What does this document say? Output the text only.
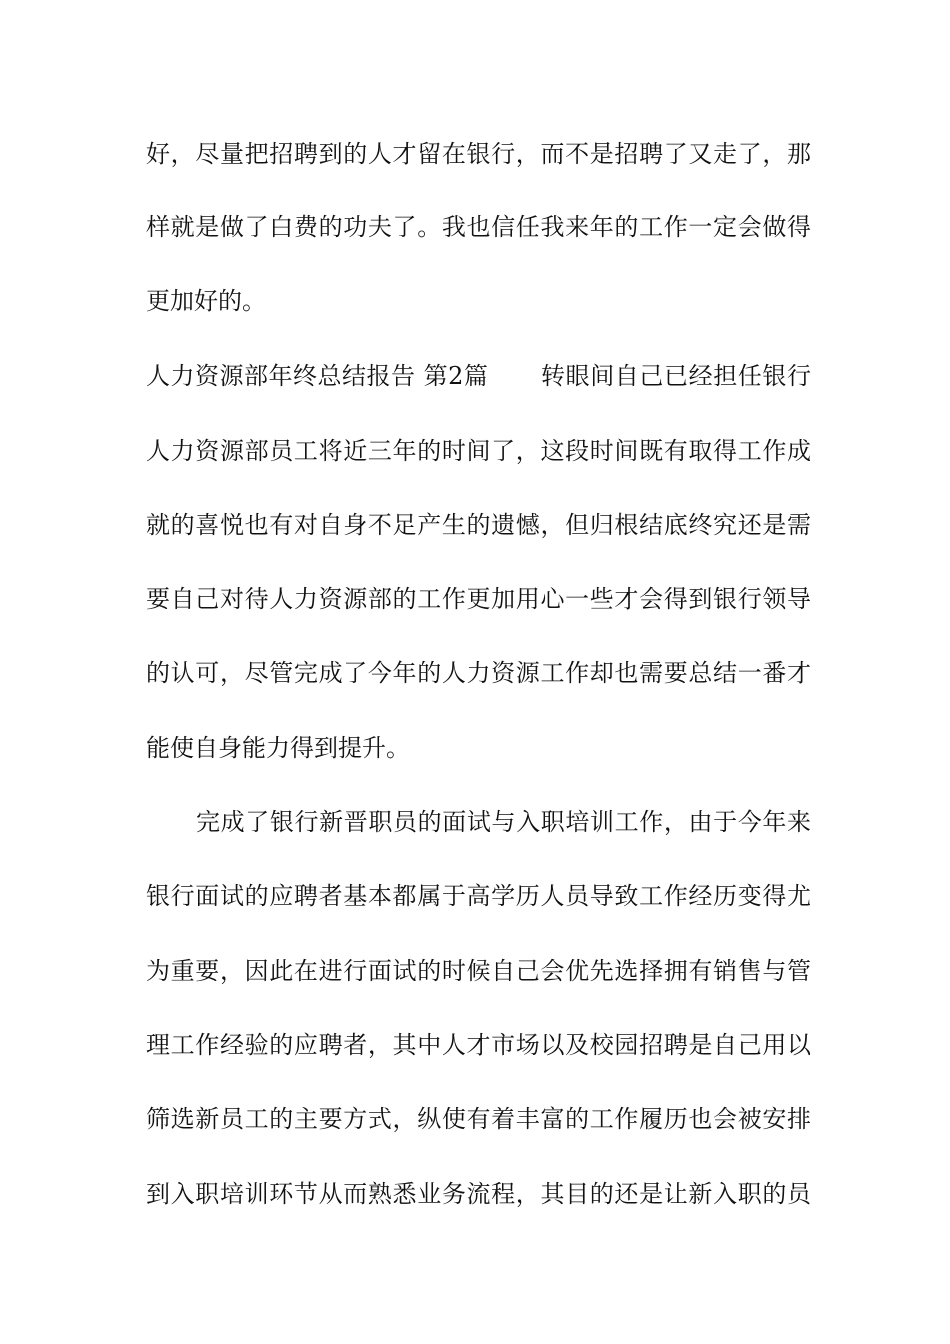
好，尽量把招聘到的人才留在银行，而不是招聘了又走了，那
样就是做了白费的功夫了。我也信任我来年的工作一定会做得
更加好的。
人力资源部年终总结报告 第2篇 转眼间自己已经担任银行
人力资源部员工将近三年的时间了，这段时间既有取得工作成
就的喜悦也有对自身不足产生的遗憾，但归根结底终究还是需
要自己对待人力资源部的工作更加用心一些才会得到银行领导
的认可，尽管完成了今年的人力资源工作却也需要总结一番才
能使自身能力得到提升。
完成了银行新晋职员的面试与入职培训工作，由于今年来
银行面试的应聘者基本都属于高学历人员导致工作经历变得尤
为重要，因此在进行面试的时候自己会优先选择拥有销售与管
理工作经验的应聘者，其中人才市场以及校园招聘是自己用以
筛选新员工的主要方式，纵使有着丰富的工作履历也会被安排
到入职培训环节从而熟悉业务流程，其目的还是让新入职的员
